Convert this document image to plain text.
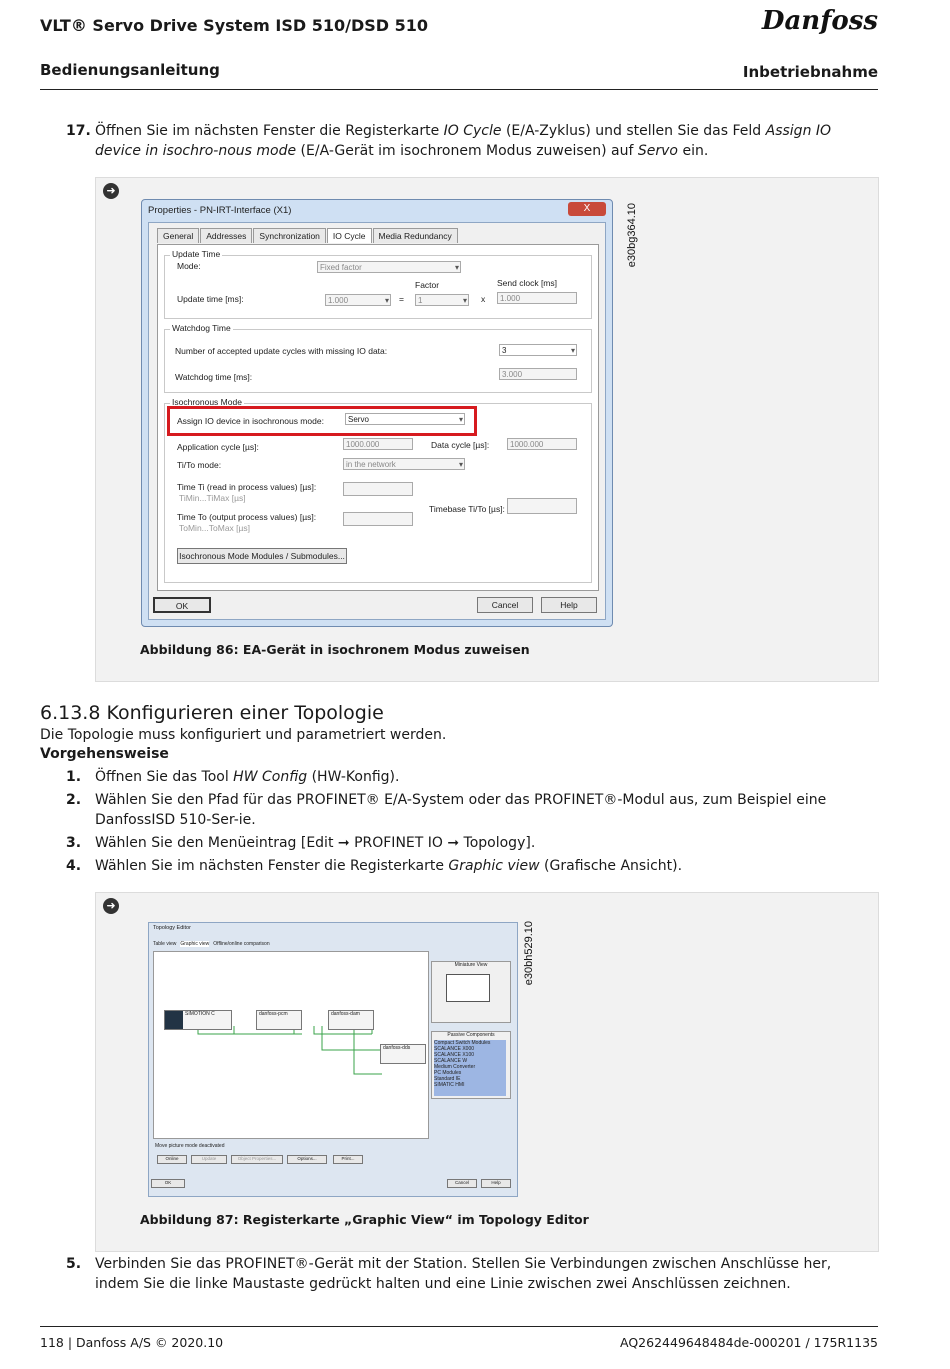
VLT® Servo Drive System ISD 510/DSD 510	Danfoss
Bedienungsanleitung	Inbetriebnahme
17. Öffnen Sie im nächsten Fenster die Registerkarte IO Cycle (E/A-Zyklus) und stellen Sie das Feld Assign IO device in isochro-nous mode (E/A-Gerät im isochronem Modus zuweisen) auf Servo ein.
➜
e30bg364.10
Properties - PN-IRT-Interface (X1)	X
General	Addresses	Synchronization	IO Cycle	Media Redundancy
Update Time
Mode:	Fixed factor ▾
Factor	Send clock [ms]
Update time [ms]:	1.000 ▾	=	1 ▾	x	1.000
Watchdog Time
Number of accepted update cycles with missing IO data:	3 ▾
Watchdog time [ms]:	3.000
Isochronous Mode
Assign IO device in isochronous mode:	Servo ▾
Application cycle [µs]:	1000.000	Data cycle [µs]:	1000.000
Ti/To mode:	in the network ▾
Time Ti (read in process values) [µs]:
TiMin...TiMax [µs]
Time To (output process values) [µs]:
ToMin...ToMax [µs]
Timebase Ti/To [µs]:
Isochronous Mode Modules / Submodules...
OK	Cancel	Help
Abbildung 86: EA-Gerät in isochronem Modus zuweisen
6.13.8 Konfigurieren einer Topologie
Die Topologie muss konfiguriert und parametriert werden.
Vorgehensweise
1. Öffnen Sie das Tool HW Config (HW-Konfig).
2. Wählen Sie den Pfad für das PROFINET® E/A-System oder das PROFINET®-Modul aus, zum Beispiel eine DanfossISD 510-Ser-ie.
3. Wählen Sie den Menüeintrag [Edit ➞ PROFINET IO ➞ Topology].
4. Wählen Sie im nächsten Fenster die Registerkarte Graphic view (Grafische Ansicht).
➜
e30bh529.10
Topology Editor
Table view Graphic view Offline/online comparison
SIMOTION C	danfoss-pcm	danfoss-dam
danfoss-dds
Miniature View
Passive Components
Compact Switch Modules
SCALANCE X000
SCALANCE X100
SCALANCE W
Medium Converter
PC Modules
Standard IE
SIMATIC HMI
Move picture mode deactivated
Online	Update	Object Properties...	Options...	Print...
OK	Cancel	Help
Abbildung 87: Registerkarte „Graphic View“ im Topology Editor
5. Verbinden Sie das PROFINET®-Gerät mit der Station. Stellen Sie Verbindungen zwischen Anschlüsse her, indem Sie die linke Maustaste gedrückt halten und eine Linie zwischen zwei Anschlüssen zeichnen.
118 | Danfoss A/S © 2020.10	AQ262449648484de-000201 / 175R1135
